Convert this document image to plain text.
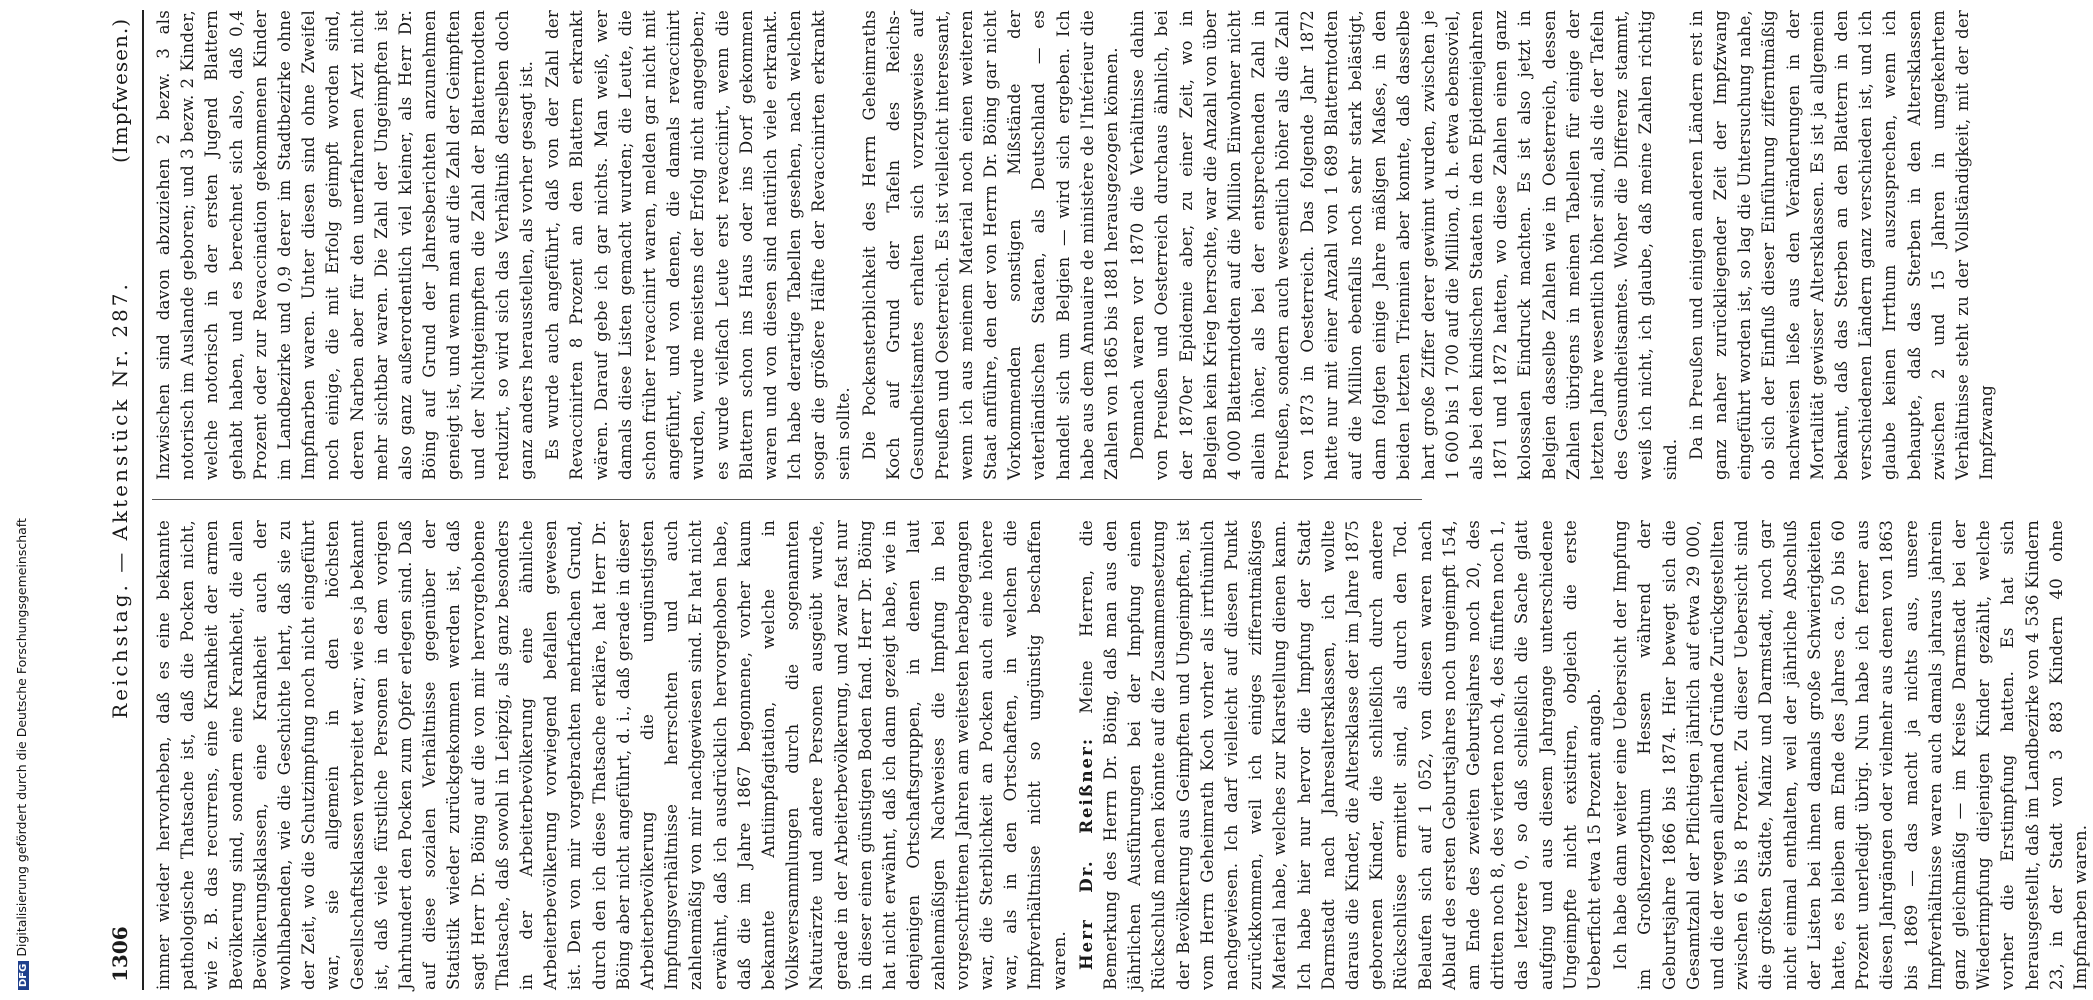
DFGDigitalisierung gefördert durch die Deutsche Forschungsgemeinschaft	1306
Reichstag. — Aktenstück Nr. 287.
(Impfwesen.)

immer wieder hervorheben, daß es eine bekannte pathologische Thatsache ist, daß die Pocken nicht, wie z. B. das recurrens, eine Krankheit der armen Bevölkerung sind, sondern eine Krankheit, die allen Bevölkerungsklassen, eine Krankheit auch der wohlhabenden, wie die Geschichte lehrt, daß sie zu der Zeit, wo die Schutzimpfung noch nicht eingeführt war, sie allgemein in den höchsten Gesellschaftsklassen verbreitet war; wie es ja bekannt ist, daß viele fürstliche Personen in dem vorigen Jahrhundert den Pocken zum Opfer erlegen sind. Daß auf diese sozialen Verhältnisse gegenüber der Statistik wieder zurückgekommen werden ist, daß sagt Herr Dr. Böing auf die von mir hervorgehobene Thatsache, daß sowohl in Leipzig, als ganz besonders in der Arbeiterbevölkerung eine ähnliche Arbeiterbevölkerung vorwiegend befallen gewesen ist. Den von mir vorgebrachten mehrfachen Grund, durch den ich diese Thatsache erkläre, hat Herr Dr. Böing aber nicht angeführt, d. i., daß gerade in dieser Arbeiterbevölkerung die ungünstigsten Impfungsverhältnisse herrschten und auch zahlenmäßig von mir nachgewiesen sind. Er hat nicht erwähnt, daß ich ausdrücklich hervorgehoben habe, daß die im Jahre 1867 begonnene, vorher kaum bekannte Antiimpfagitation, welche in Volksversammlungen durch die sogenannten Naturärzte und andere Personen ausgeübt wurde, gerade in der Arbeiterbevölkerung, und zwar fast nur in dieser einen günstigen Boden fand. Herr Dr. Böing hat nicht erwähnt, daß ich dann gezeigt habe, wie in denjenigen Ortschaftsgruppen, in denen laut zahlenmäßigen Nachweises die Impfung in bei vorgeschrittenen Jahren am weitesten herabgegangen war, die Sterblichkeit an Pocken auch eine höhere war, als in den Ortschaften, in welchen die Impfverhältnisse nicht so ungünstig beschaffen waren. Herr Dr. Reißner: Meine Herren, die Bemerkung des Herrn Dr. Böing, daß man aus den jährlichen Ausführungen bei der Impfung einen Rückschluß machen könnte auf die Zusammensetzung der Bevölkerung aus Geimpften und Ungeimpften, ist vom Herrn Geheimrath Koch vorher als irrthümlich nachgewiesen. Ich darf vielleicht auf diesen Punkt zurückkommen, weil ich einiges zifferntmäßiges Material habe, welches zur Klarstellung dienen kann. Ich habe hier nur hervor die Impfung der Stadt Darmstadt nach Jahresaltersklassen, ich wollte daraus die Kinder, die Altersklasse der im Jahre 1875 geborenen Kinder, die schließlich durch andere Rückschlüsse ermittelt sind, als durch den Tod. Belaufen sich auf 1 052, von diesen waren nach Ablauf des ersten Geburtsjahres noch ungeimpft 154, am Ende des zweiten Geburtsjahres noch 20, des dritten noch 8, des vierten noch 4, des fünften noch 1, das letztere 0, so daß schließlich die Sache glatt aufging und aus diesem Jahrgange unterschiedene Ungeimpfte nicht existiren, obgleich die erste Ueberficht etwa 15 Prozent angab. Ich habe dann weiter eine Uebersicht der Impfung im Großherzogthum Hessen während der Geburtsjahre 1866 bis 1874. Hier bewegt sich die Gesamtzahl der Pflichtigen jährlich auf etwa 29 000, und die der wegen allerhand Gründe Zurückgestellten zwischen 6 bis 8 Prozent. Zu dieser Uebersicht sind die größten Städte, Mainz und Darmstadt, noch gar nicht einmal enthalten, weil der jährliche Abschluß der Listen bei ihnen damals große Schwierigkeiten hatte, es bleiben am Ende des Jahres ca. 50 bis 60 Prozent unerledigt übrig. Nun habe ich ferner aus diesen Jahrgängen oder vielmehr aus denen von 1863 bis 1869 — das macht ja nichts aus, unsere Impfverhältnisse waren auch damals jahraus jahrein ganz gleichmäßig — im Kreise Darmstadt bei der Wiederimpfung diejenigen Kinder gezählt, welche vorher die Erstimpfung hatten. Es hat sich herausgestellt, daß im Landbezirke von 4 536 Kindern 23, in der Stadt von 3 883 Kindern 40 ohne Impfnarben waren.

Inzwischen sind davon abzuziehen 2 bezw. 3 als notorisch im Auslande geboren; und 3 bezw. 2 Kinder, welche notorisch in der ersten Jugend Blattern gehabt haben, und es berechnet sich also, daß 0,4 Prozent oder zur Revaccination gekommenen Kinder im Landbezirke und 0,9 derer im Stadtbezirke ohne Impfnarben waren. Unter diesen sind ohne Zweifel noch einige, die mit Erfolg geimpft worden sind, deren Narben aber für den unerfahrenen Arzt nicht mehr sichtbar waren. Die Zahl der Ungeimpften ist also ganz außerordentlich viel kleiner, als Herr Dr. Böing auf Grund der Jahresberichten anzunehmen geneigt ist, und wenn man auf die Zahl der Geimpften und der Nichtgeimpften die Zahl der Blatterntodten reduzirt, so wird sich das Verhältniß derselben doch ganz anders herausstellen, als vorher gesagt ist. Es wurde auch angeführt, daß von der Zahl der Revaccinirten 8 Prozent an den Blattern erkrankt wären. Darauf gebe ich gar nichts. Man weiß, wer damals diese Listen gemacht wurden; die Leute, die schon früher revaccinirt waren, melden gar nicht mit angeführt, und von denen, die damals revaccinirt wurden, wurde meistens der Erfolg nicht angegeben; es wurde vielfach Leute erst revaccinirt, wenn die Blattern schon ins Haus oder ins Dorf gekommen waren und von diesen sind natürlich viele erkrankt. Ich habe derartige Tabellen gesehen, nach welchen sogar die größere Hälfte der Revaccinirten erkrankt sein sollte. Die Pockensterblichkeit des Herrn Geheimraths Koch auf Grund der Tafeln des Reichs-Gesundheitsamtes erhalten sich vorzugsweise auf Preußen und Oesterreich. Es ist vielleicht interessant, wenn ich aus meinem Material noch einen weiteren Staat anführe, den der von Herrn Dr. Böing gar nicht Vorkommenden sonstigen Mißstände der vaterländischen Staaten, als Deutschland — es handelt sich um Belgien — wird sich ergeben. Ich habe aus dem Annuaire de ministère de l'Intérieur die Zahlen von 1865 bis 1881 herausgezogen können. Demnach waren vor 1870 die Verhältnisse dahin von Preußen und Oesterreich durchaus ähnlich, bei der 1870er Epidemie aber, zu einer Zeit, wo in Belgien kein Krieg herrschte, war die Anzahl von über 4 000 Blatterntodten auf die Million Einwohner nicht allein höher, als bei der entsprechenden Zahl in Preußen, sondern auch wesentlich höher als die Zahl von 1873 in Oesterreich. Das folgende Jahr 1872 hatte nur mit einer Anzahl von 1 689 Blatterntodten auf die Million ebenfalls noch sehr stark belästigt, dann folgten einige Jahre mäßigen Maßes, in den beiden letzten Triennien aber konnte, daß dasselbe hart große Ziffer derer gewinnt wurden, zwischen je 1 600 bis 1 700 auf die Million, d. h. etwa ebensoviel, als bei den kindischen Staaten in den Epidemiejahren 1871 und 1872 hatten, wo diese Zahlen einen ganz kolossalen Eindruck machten. Es ist also jetzt in Belgien dasselbe Zahlen wie in Oesterreich, dessen Zahlen übrigens in meinen Tabellen für einige der letzten Jahre wesentlich höher sind, als die der Tafeln des Gesundheitsamtes. Woher die Differenz stammt, weiß ich nicht, ich glaube, daß meine Zahlen richtig sind. Da in Preußen und einigen anderen Ländern erst in ganz naher zurückliegender Zeit der Impfzwang eingeführt worden ist, so lag die Untersuchung nahe, ob sich der Einfluß dieser Einführung zifferntmäßig nachweisen ließe aus den Veränderungen in der Mortalität gewisser Altersklassen. Es ist ja allgemein bekannt, daß das Sterben an den Blattern in den verschiedenen Ländern ganz verschieden ist, und ich glaube keinen Irrthum auszusprechen, wenn ich behaupte, daß das Sterben in den Altersklassen zwischen 2 und 15 Jahren in umgekehrtem Verhältnisse steht zu der Vollständigkeit, mit der der Impfzwang
